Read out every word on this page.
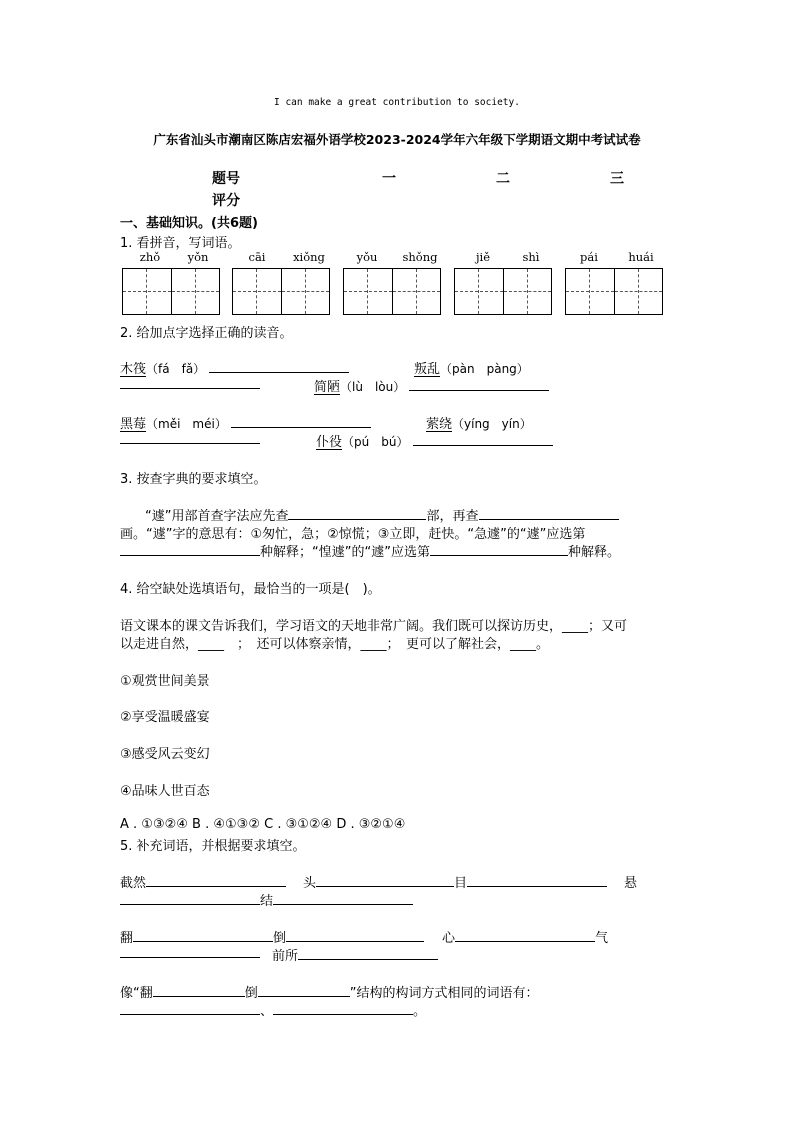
I can make a great contribution to society.
广东省汕头市潮南区陈店宏福外语学校2023-2024学年六年级下学期语文期中考试试卷
题号	一	二	三
评分
一、基础知识。(共6题)
1. 看拼音，写词语。
zhǒ	yǒn	cāi	xiǒng	yǒu	shǒng	jiě	shì	pái	huái
2. 给加点字选择正确的读音。
木筏（fá　fǎ）	叛乱（pàn　pàng）
简陋（lù　lòu）
黑莓（měi　méi）	萦绕（yíng　yín）
仆役（pú　bú）
3. 按查字典的要求填空。
“遽”用部首查字法应先查	部，再查
画。“遽”字的意思有：①匆忙，急；②惊慌；③立即，赶快。“急遽”的“遽”应选第
种解释；“惶遽”的“遽”应选第	种解释。
4. 给空缺处选填语句，最恰当的一项是(　)。
语文课本的课文告诉我们，学习语文的天地非常广阔。我们既可以探访历史，____；又可
以走进自然，____　；　还可以体察亲情，____；　更可以了解社会，____。
①观赏世间美景
②享受温暖盛宴
③感受风云变幻
④品味人世百态
A . ①③②④ B . ④①③② C . ③①②④ D . ③②①④
5. 补充词语，并根据要求填空。
截然	头	目	悬
结
翻	倒	心	气
前所
像“翻	倒	”结构的构词方式相同的词语有：
、	。
